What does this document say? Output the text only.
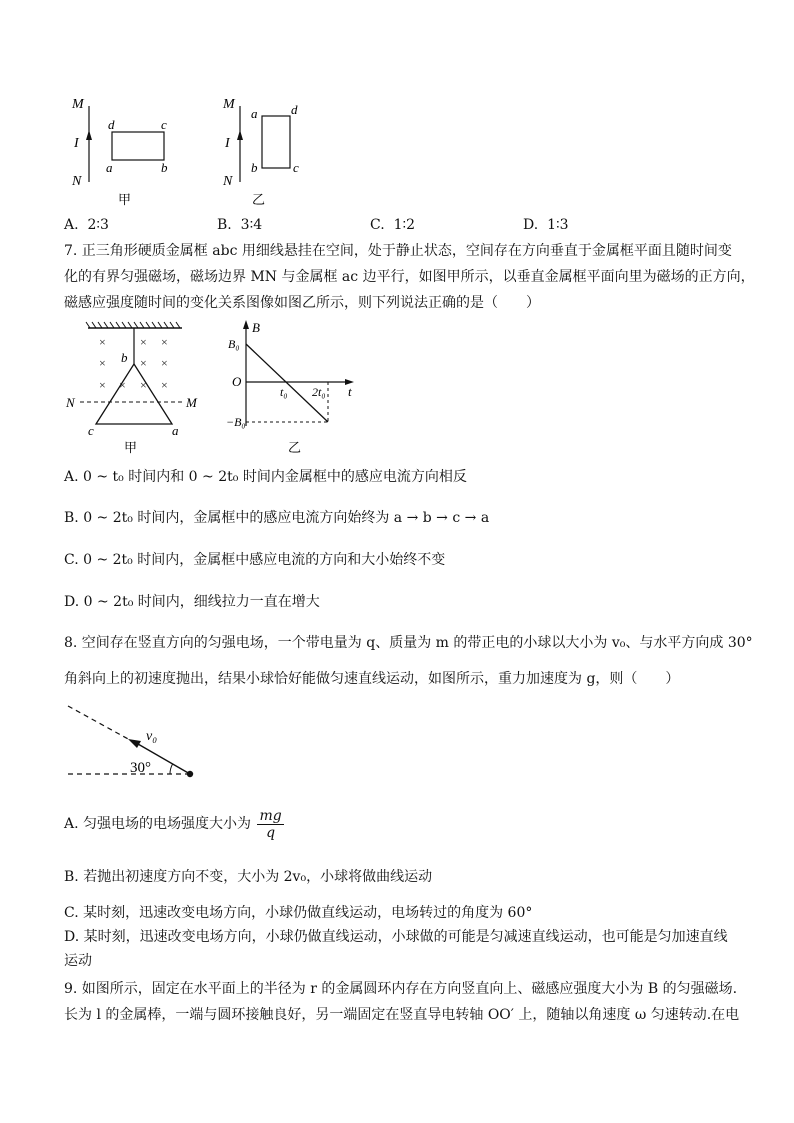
M
I
N
d	c
a	b
甲
M
I
N
a	d
b	c
乙
A. 2∶3	B. 3∶4	C. 1∶2	D. 1∶3
7. 正三角形硬质金属框 abc 用细线悬挂在空间，处于静止状态，空间存在方向垂直于金属框平面且随时间变
化的有界匀强磁场，磁场边界 MN 与金属框 ac 边平行，如图甲所示，以垂直金属框平面向里为磁场的正方向，
磁感应强度随时间的变化关系图像如图乙所示，则下列说法正确的是（　　）
×	× ×
×	× ×
× × × ×
b
N	M
c	a
甲
B
B₀
O
t₀ 2t₀ t
−B₀
乙
A. 0 ~ t₀ 时间内和 0 ~ 2t₀ 时间内金属框中的感应电流方向相反
B. 0 ~ 2t₀ 时间内，金属框中的感应电流方向始终为 a → b → c → a
C. 0 ~ 2t₀ 时间内，金属框中感应电流的方向和大小始终不变
D. 0 ~ 2t₀ 时间内，细线拉力一直在增大
8. 空间存在竖直方向的匀强电场，一个带电量为 q、质量为 m 的带正电的小球以大小为 v₀、与水平方向成 30°
角斜向上的初速度抛出，结果小球恰好能做匀速直线运动，如图所示，重力加速度为 g，则（　　）
v₀
30°
A. 匀强电场的电场强度大小为 $\frac{mg}{q}$
B. 若抛出初速度方向不变，大小为 2v₀，小球将做曲线运动
C. 某时刻，迅速改变电场方向，小球仍做直线运动，电场转过的角度为 60°
D. 某时刻，迅速改变电场方向，小球仍做直线运动，小球做的可能是匀减速直线运动，也可能是匀加速直线
运动
9. 如图所示，固定在水平面上的半径为 r 的金属圆环内存在方向竖直向上、磁感应强度大小为 B 的匀强磁场.
长为 l 的金属棒，一端与圆环接触良好，另一端固定在竖直导电转轴 OO′ 上，随轴以角速度 ω 匀速转动.在电
